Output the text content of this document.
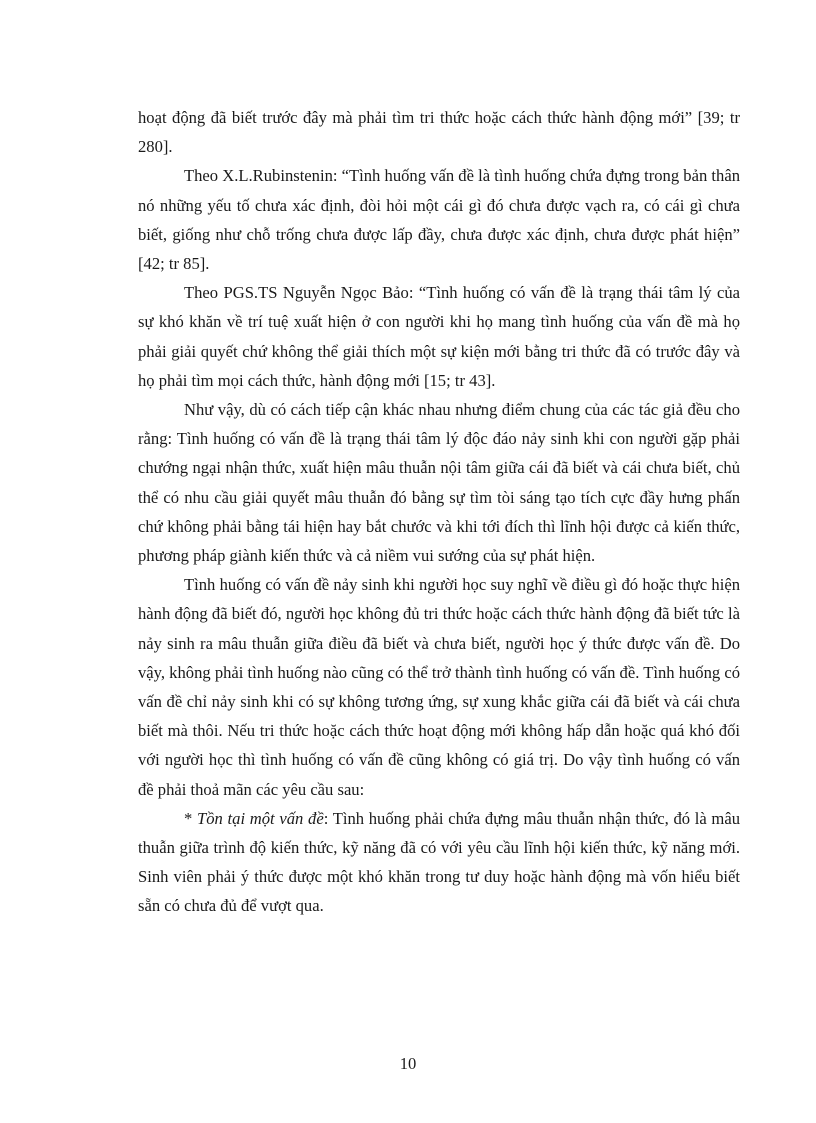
hoạt động đã biết trước đây mà phải tìm tri thức hoặc cách thức hành động mới” [39; tr 280].

Theo X.L.Rubinstenin: “Tình huống vấn đề là tình huống chứa đựng trong bản thân nó những yếu tố chưa xác định, đòi hỏi một cái gì đó chưa được vạch ra, có cái gì chưa biết, giống như chỗ trống chưa được lấp đầy, chưa được xác định, chưa được phát hiện” [42; tr 85].

Theo PGS.TS Nguyễn Ngọc Bảo: “Tình huống có vấn đề là trạng thái tâm lý của sự khó khăn về trí tuệ xuất hiện ở con người khi họ mang tình huống của vấn đề mà họ phải giải quyết chứ không thể giải thích một sự kiện mới bằng tri thức đã có trước đây và họ phải tìm mọi cách thức, hành động mới [15; tr 43].

Như vậy, dù có cách tiếp cận khác nhau nhưng điểm chung của các tác giả đều cho rằng: Tình huống có vấn đề là trạng thái tâm lý độc đáo nảy sinh khi con người gặp phải chướng ngại nhận thức, xuất hiện mâu thuẫn nội tâm giữa cái đã biết và cái chưa biết, chủ thể có nhu cầu giải quyết mâu thuẫn đó bằng sự tìm tòi sáng tạo tích cực đầy hưng phấn chứ không phải bằng tái hiện hay bắt chước và khi tới đích thì lĩnh hội được cả kiến thức, phương pháp giành kiến thức và cả niềm vui sướng của sự phát hiện.

Tình huống có vấn đề nảy sinh khi người học suy nghĩ về điều gì đó hoặc thực hiện hành động đã biết đó, người học không đủ tri thức hoặc cách thức hành động đã biết tức là nảy sinh ra mâu thuẫn giữa điều đã biết và chưa biết, người học ý thức được vấn đề. Do vậy, không phải tình huống nào cũng có thể trở thành tình huống có vấn đề. Tình huống có vấn đề chỉ nảy sinh khi có sự không tương ứng, sự xung khắc giữa cái đã biết và cái chưa biết mà thôi. Nếu tri thức hoặc cách thức hoạt động mới không hấp dẫn hoặc quá khó đối với người học thì tình huống có vấn đề cũng không có giá trị. Do vậy tình huống có vấn đề phải thoả mãn các yêu cầu sau:

* Tồn tại một vấn đề: Tình huống phải chứa đựng mâu thuẫn nhận thức, đó là mâu thuẫn giữa trình độ kiến thức, kỹ năng đã có với yêu cầu lĩnh hội kiến thức, kỹ năng mới. Sinh viên phải ý thức được một khó khăn trong tư duy hoặc hành động mà vốn hiểu biết sẵn có chưa đủ để vượt qua.

10
